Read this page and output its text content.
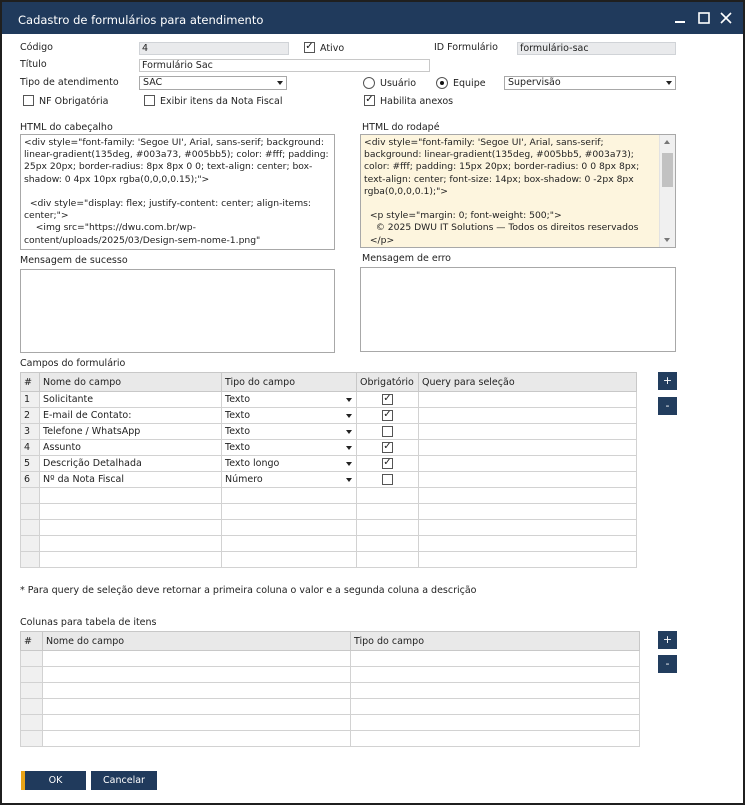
Cadastro de formulários para atendimento
Código	4	✓ Ativo	ID Formulário	formulário-sac
Título	Formulário Sac
Tipo de atendimento	SAC	Usuário	Equipe	Supervisão
NF Obrigatória	Exibir itens da Nota Fiscal	✓ Habilita anexos
HTML do cabeçalho
<div style="font-family: 'Segoe UI', Arial, sans-serif; background: linear-gradient(135deg, #003a73, #005bb5); color: #fff; padding: 25px 20px; border-radius: 8px 8px 0 0; text-align: center; box-shadow: 0 4px 10px rgba(0,0,0,0.15);">

<div style="display: flex; justify-content: center; align-items: center;">
<img src="https://dwu.com.br/wp-content/uploads/2025/03/Design-sem-nome-1.png"
HTML do rodapé
<div style="font-family: 'Segoe UI', Arial, sans-serif; background: linear-gradient(135deg, #005bb5, #003a73); color: #fff; padding: 15px 20px; border-radius: 0 0 8px 8px; text-align: center; font-size: 14px; box-shadow: 0 -2px 8px rgba(0,0,0,0.1);">

<p style="margin: 0; font-weight: 500;">
© 2025 DWU IT Solutions — Todos os direitos reservados
</p>

Mensagem de sucesso	Mensagem de erro
Campos do formulário
#	Nome do campo	Tipo do campo	Obrigatório	Query para seleção
1	Solicitante	Texto	✓	

2	E-mail de Contato:	Texto	✓	

3	Telefone / WhatsApp	Texto

4	Assunto	Texto	✓	

5	Descrição Detalhada	Texto longo	✓	

6	Nº da Nota Fiscal	Número

+
-
* Para query de seleção deve retornar a primeira coluna o valor e a segunda coluna a descrição
Colunas para tabela de itens
#	Nome do campo	Tipo do campo

			+
-
OK	Cancelar
